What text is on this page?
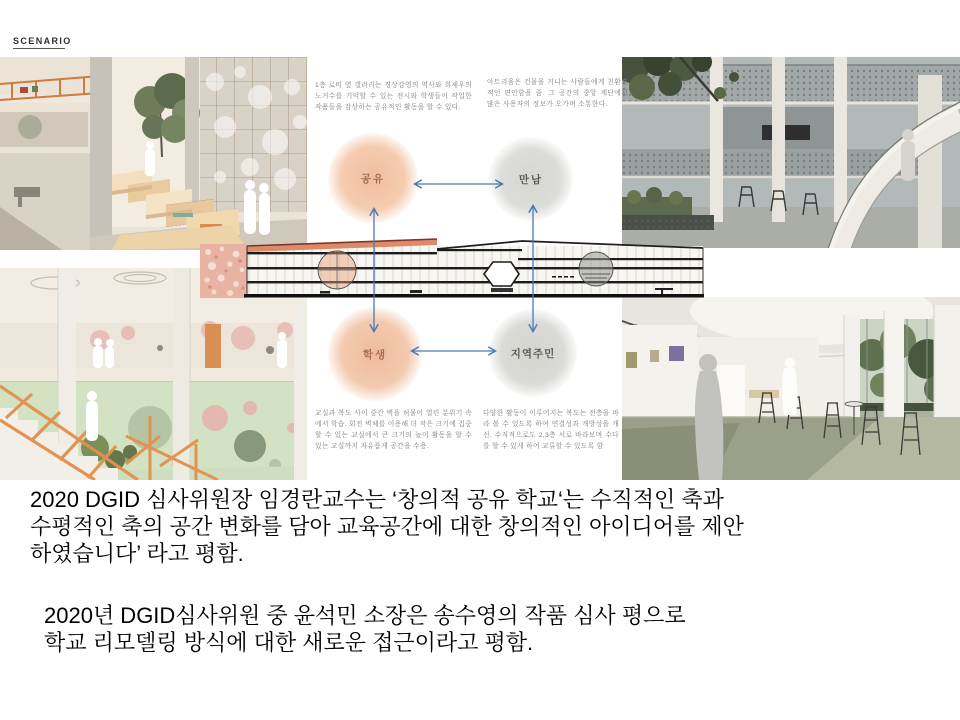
SCENARIO
1층 로비 옆 갤러리는 경상감영의 역사와 희제우의 노거수를 기억할 수 있는 전시와 학생들이 작업한 작품들을 감상하는 공유적인 활동을 할 수 있다.
아트리움은 건물을 거니는 사람들에게 친환경적인 편안함을 줌. 그 공간의 중앙 계단에서 많은 사용자의 정보가 오가며 소통한다.
교실과 복도 사이 중간 벽을 허물어 열린 분위기 속에서 학습. 회전 벽체를 이용해 더 작은 크기에 집중 할 수 있는 교실에서 큰 크기의 놀이 활동을 할 수 있는 교실까지 자유롭게 공간을 수용.
다양한 활동이 이루어지는 복도는 전층을 바라 볼 수 있도록 하여 연결성과 개방성을 개선. 수직적으로도 2,3층 서로 바라보며 수다를 할 수 있게 하여 교류할 수 있도록 함
공유	만남
학생	지역주민
2020 DGID 심사위원장 임경란교수는 ‘창의적 공유 학교‘는 수직적인 축과
수평적인 축의 공간 변화를 담아 교육공간에 대한 창의적인 아이디어를 제안
하였습니다’ 라고 평함.
2020년 DGID심사위원 중 윤석민 소장은 송수영의 작품 심사 평으로
학교 리모델링 방식에 대한 새로운 접근이라고 평함.
